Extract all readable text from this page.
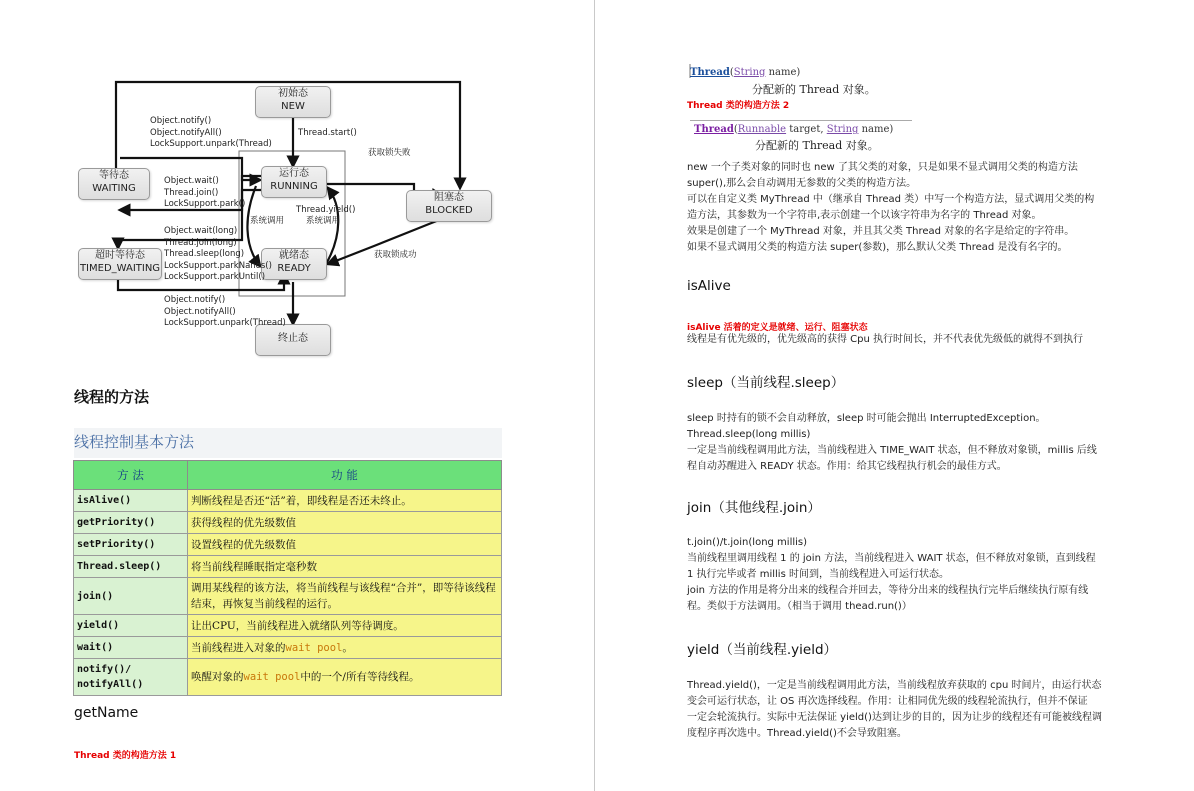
初始态
NEW
运行态
RUNNING
就绪态
READY
等待态
WAITING
超时等待态
TIMED_WAITING
阻塞态
BLOCKED
终止态
Object.notify()
Object.notifyAll()
LockSupport.unpark(Thread)
Thread.start()
获取锁失败
Object.wait()
Thread.join()
LockSupport.park()
Object.wait(long)
Thread.join(long)
Thread.sleep(long)
LockSupport.parkNanos()
LockSupport.parkUntil()
Object.notify()
Object.notifyAll()
LockSupport.unpark(Thread)
系统调用
Thread.yield()
系统调用
获取锁成功
线程的方法
线程控制基本方法
方 法	功 能
isAlive()	判断线程是否还“活”着，即线程是否还未终止。
getPriority()	获得线程的优先级数值
setPriority()	设置线程的优先级数值
Thread.sleep()	将当前线程睡眠指定毫秒数
join()	调用某线程的该方法，将当前线程与该线程“合并”，即等待该线程结束，再恢复当前线程的运行。
yield()	让出CPU，当前线程进入就绪队列等待调度。
wait()	当前线程进入对象的wait pool。

notify()/
notifyAll()	唤醒对象的wait pool中的一个/所有等待线程。
getName
Thread 类的构造方法 1
Thread(String name)
分配新的 Thread 对象。
Thread 类的构造方法 2
Thread(Runnable target, String name)
分配新的 Thread 对象。
new 一个子类对象的同时也 new 了其父类的对象，只是如果不显式调用父类的构造方法
super(),那么会自动调用无参数的父类的构造方法。
可以在自定义类 MyThread 中（继承自 Thread 类）中写一个构造方法，显式调用父类的构
造方法，其参数为一个字符串,表示创建一个以该字符串为名字的 Thread 对象。
效果是创建了一个 MyThread 对象，并且其父类 Thread 对象的名字是给定的字符串。
如果不显式调用父类的构造方法 super(参数)，那么默认父类 Thread 是没有名字的。
isAlive
isAlive 活着的定义是就绪、运行、阻塞状态
线程是有优先级的，优先级高的获得 Cpu 执行时间长，并不代表优先级低的就得不到执行
sleep（当前线程.sleep）
sleep 时持有的锁不会自动释放，sleep 时可能会抛出 InterruptedException。
Thread.sleep(long millis)
一定是当前线程调用此方法，当前线程进入 TIME_WAIT 状态，但不释放对象锁，millis 后线
程自动苏醒进入 READY 状态。作用：给其它线程执行机会的最佳方式。
join（其他线程.join）
t.join()/t.join(long millis)
当前线程里调用线程 1 的 join 方法，当前线程进入 WAIT 状态，但不释放对象锁，直到线程
1 执行完毕或者 millis 时间到，当前线程进入可运行状态。
join 方法的作用是将分出来的线程合并回去，等待分出来的线程执行完毕后继续执行原有线
程。类似于方法调用。（相当于调用 thead.run()）
yield（当前线程.yield）
Thread.yield()，一定是当前线程调用此方法，当前线程放弃获取的 cpu 时间片，由运行状态
变会可运行状态，让 OS 再次选择线程。作用：让相同优先级的线程轮流执行，但并不保证
一定会轮流执行。实际中无法保证 yield()达到让步的目的，因为让步的线程还有可能被线程调
度程序再次选中。Thread.yield()不会导致阻塞。
